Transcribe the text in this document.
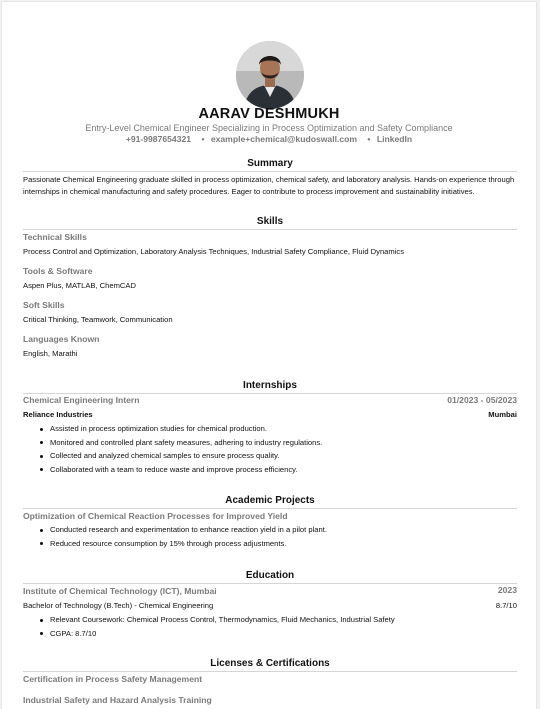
AARAV DESHMUKH
Entry-Level Chemical Engineer Specializing in Process Optimization and Safety Compliance
+91-9987654321 • example+chemical@kudoswall.com • LinkedIn
Summary
Passionate Chemical Engineering graduate skilled in process optimization, chemical safety, and laboratory analysis. Hands-on experience through internships in chemical manufacturing and safety procedures. Eager to contribute to process improvement and sustainability initiatives.
Skills
Technical Skills
Process Control and Optimization, Laboratory Analysis Techniques, Industrial Safety Compliance, Fluid Dynamics
Tools & Software
Aspen Plus, MATLAB, ChemCAD
Soft Skills
Critical Thinking, Teamwork, Communication
Languages Known
English, Marathi
Internships
Chemical Engineering Intern	01/2023 - 05/2023
Reliance Industries	Mumbai
Assisted in process optimization studies for chemical production.
Monitored and controlled plant safety measures, adhering to industry regulations.
Collected and analyzed chemical samples to ensure process quality.
Collaborated with a team to reduce waste and improve process efficiency.
Academic Projects
Optimization of Chemical Reaction Processes for Improved Yield
Conducted research and experimentation to enhance reaction yield in a pilot plant.
Reduced resource consumption by 15% through process adjustments.
Education
Institute of Chemical Technology (ICT), Mumbai	2023
Bachelor of Technology (B.Tech) - Chemical Engineering	8.7/10
Relevant Coursework: Chemical Process Control, Thermodynamics, Fluid Mechanics, Industrial Safety
CGPA: 8.7/10
Licenses & Certifications
Certification in Process Safety Management
Industrial Safety and Hazard Analysis Training
